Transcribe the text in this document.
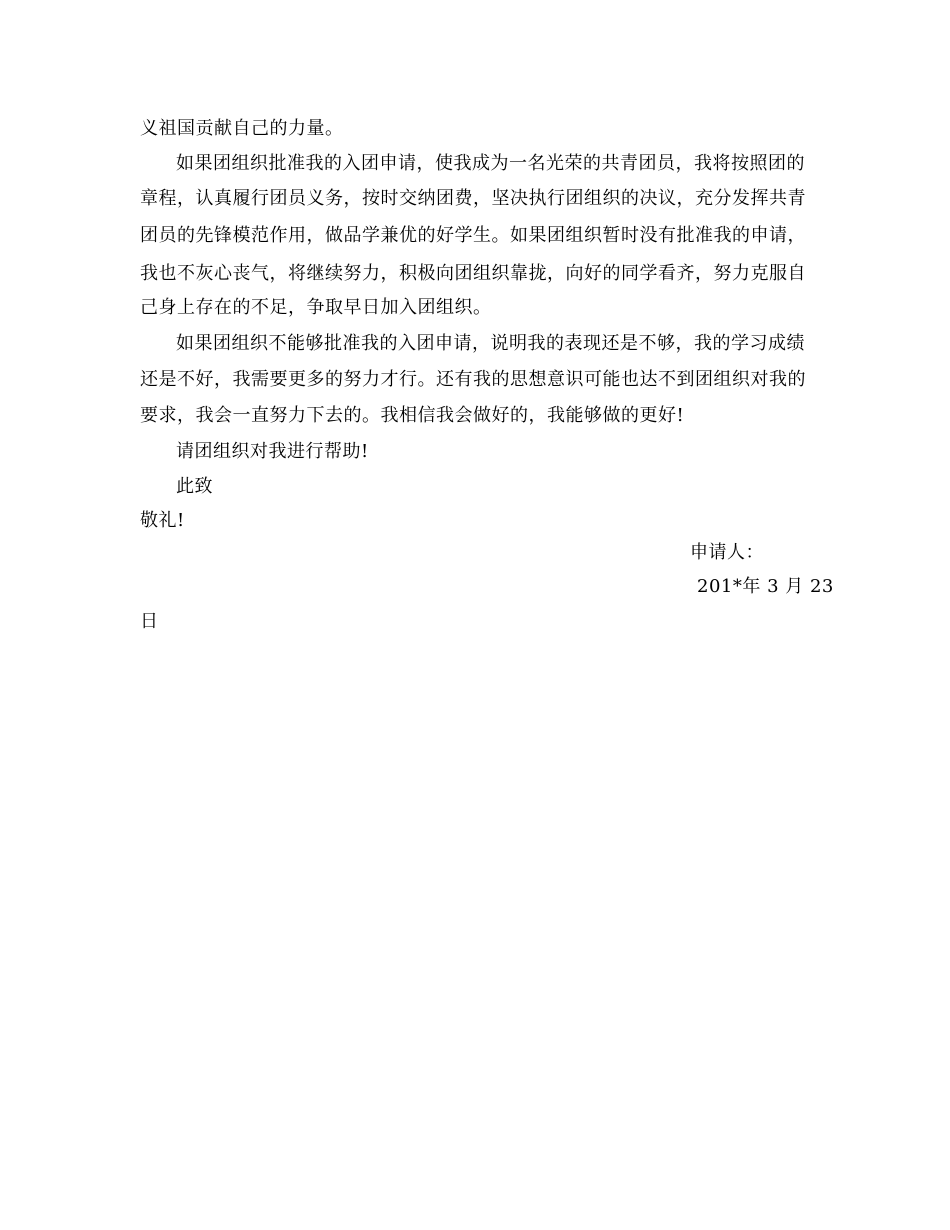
义祖国贡献自己的力量。
如果团组织批准我的入团申请，使我成为一名光荣的共青团员，我将按照团的
章程，认真履行团员义务，按时交纳团费，坚决执行团组织的决议，充分发挥共青
团员的先锋模范作用，做品学兼优的好学生。如果团组织暂时没有批准我的申请，
我也不灰心丧气，将继续努力，积极向团组织靠拢，向好的同学看齐，努力克服自
己身上存在的不足，争取早日加入团组织。
如果团组织不能够批准我的入团申请，说明我的表现还是不够，我的学习成绩
还是不好，我需要更多的努力才行。还有我的思想意识可能也达不到团组织对我的
要求，我会一直努力下去的。我相信我会做好的，我能够做的更好!
请团组织对我进行帮助!
此致
敬礼!
申请人：
201*年 3 月 23
日
